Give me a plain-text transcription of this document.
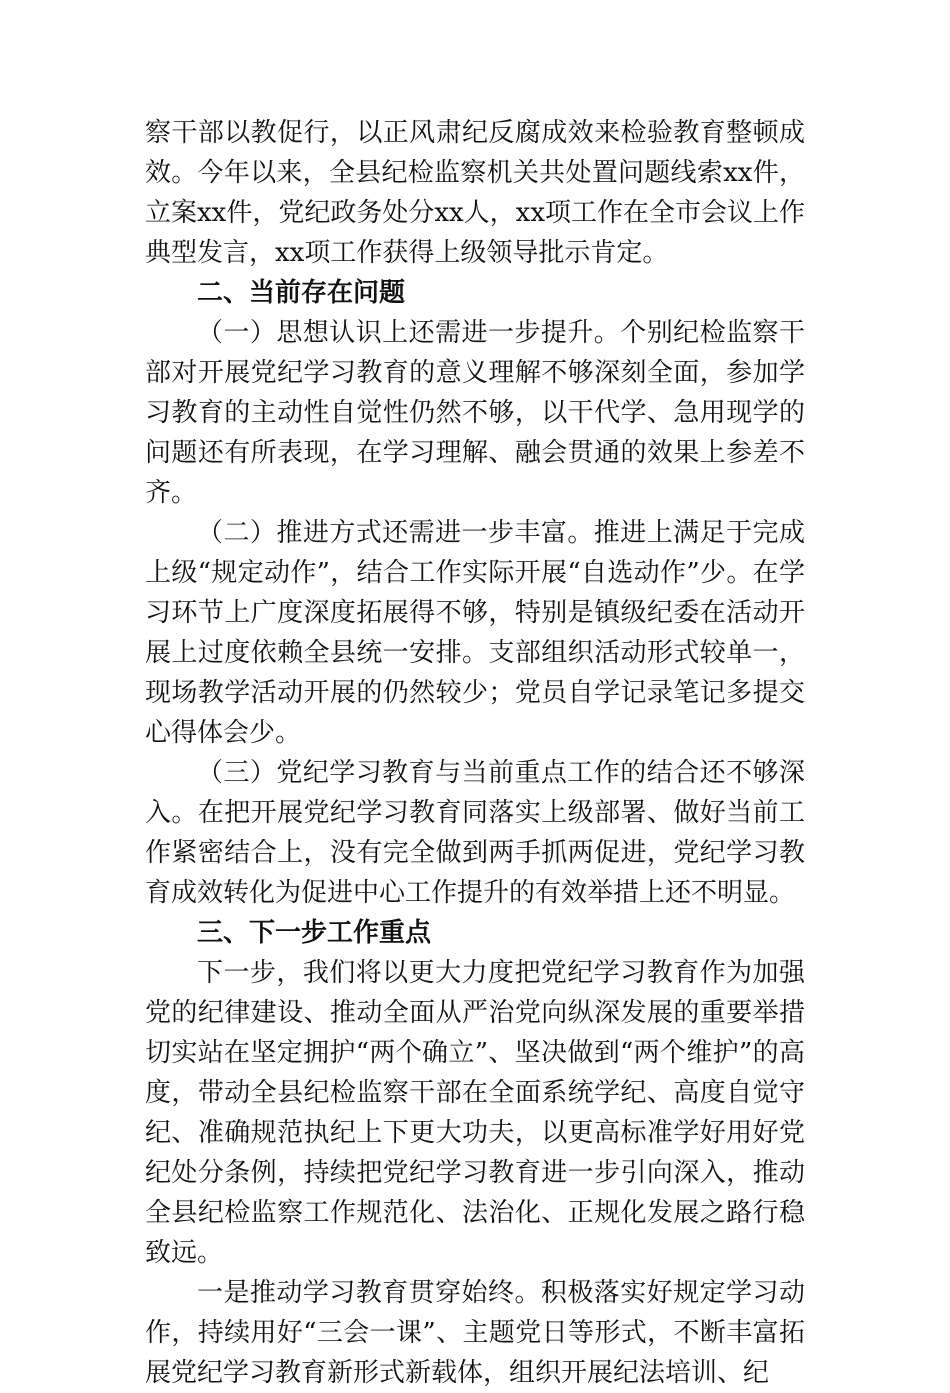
察干部以教促行，以正风肃纪反腐成效来检验教育整顿成效。今年以来，全县纪检监察机关共处置问题线索xx件，立案xx件，党纪政务处分xx人，xx项工作在全市会议上作典型发言，xx项工作获得上级领导批示肯定。

二、当前存在问题

（一）思想认识上还需进一步提升。个别纪检监察干部对开展党纪学习教育的意义理解不够深刻全面，参加学习教育的主动性自觉性仍然不够，以干代学、急用现学的问题还有所表现，在学习理解、融会贯通的效果上参差不齐。

（二）推进方式还需进一步丰富。推进上满足于完成上级“规定动作”，结合工作实际开展“自选动作”少。在学习环节上广度深度拓展得不够，特别是镇级纪委在活动开展上过度依赖全县统一安排。支部组织活动形式较单一，现场教学活动开展的仍然较少；党员自学记录笔记多提交心得体会少。

（三）党纪学习教育与当前重点工作的结合还不够深入。在把开展党纪学习教育同落实上级部署、做好当前工作紧密结合上，没有完全做到两手抓两促进，党纪学习教育成效转化为促进中心工作提升的有效举措上还不明显。

三、下一步工作重点

下一步，我们将以更大力度把党纪学习教育作为加强党的纪律建设、推动全面从严治党向纵深发展的重要举措切实站在坚定拥护“两个确立”、坚决做到“两个维护”的高度，带动全县纪检监察干部在全面系统学纪、高度自觉守纪、准确规范执纪上下更大功夫，以更高标准学好用好党纪处分条例，持续把党纪学习教育进一步引向深入，推动全县纪检监察工作规范化、法治化、正规化发展之路行稳致远。

一是推动学习教育贯穿始终。积极落实好规定学习动作，持续用好“三会一课”、主题党日等形式，不断丰富拓展党纪学习教育新形式新载体，组织开展纪法培训、纪
